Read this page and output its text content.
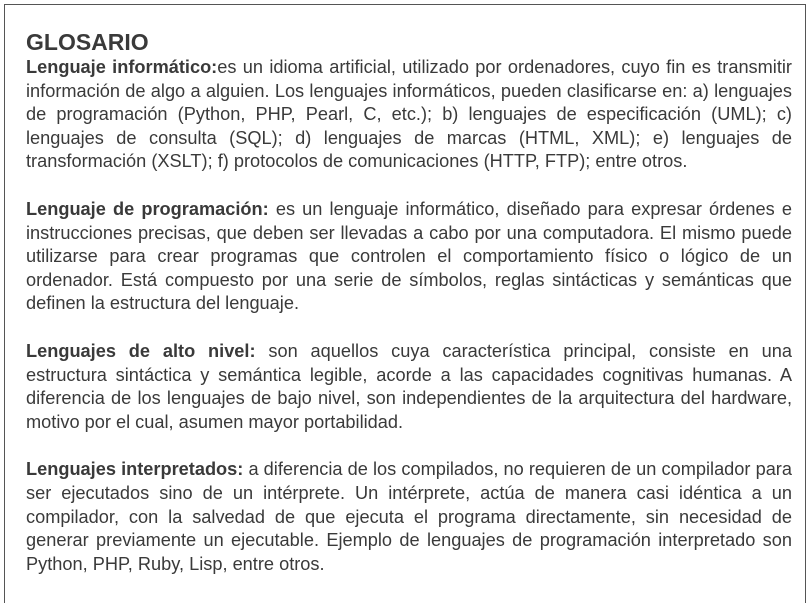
GLOSARIO

Lenguaje informático:es un idioma artificial, utilizado por ordenadores, cuyo fin es transmitir información de algo a alguien. Los lenguajes informáticos, pueden clasificarse en: a) lenguajes de programación (Python, PHP, Pearl, C, etc.); b) lenguajes de especificación (UML); c) lenguajes de consulta (SQL); d) lenguajes de marcas (HTML, XML); e) lenguajes de transformación (XSLT); f) protocolos de comunicaciones (HTTP, FTP); entre otros.

Lenguaje de programación: es un lenguaje informático, diseñado para expresar órdenes e instrucciones precisas, que deben ser llevadas a cabo por una computadora. El mismo puede utilizarse para crear programas que controlen el comportamiento físico o lógico de un ordenador. Está compuesto por una serie de símbolos, reglas sintácticas y semánticas que definen la estructura del lenguaje.

Lenguajes de alto nivel: son aquellos cuya característica principal, consiste en una estructura sintáctica y semántica legible, acorde a las capacidades cognitivas humanas. A diferencia de los lenguajes de bajo nivel, son independientes de la arquitectura del hardware, motivo por el cual, asumen mayor portabilidad.

Lenguajes interpretados: a diferencia de los compilados, no requieren de un compilador para ser ejecutados sino de un intérprete. Un intérprete, actúa de manera casi idéntica a un compilador, con la salvedad de que ejecuta el programa directamente, sin necesidad de generar previamente un ejecutable. Ejemplo de lenguajes de programación interpretado son Python, PHP, Ruby, Lisp, entre otros.
